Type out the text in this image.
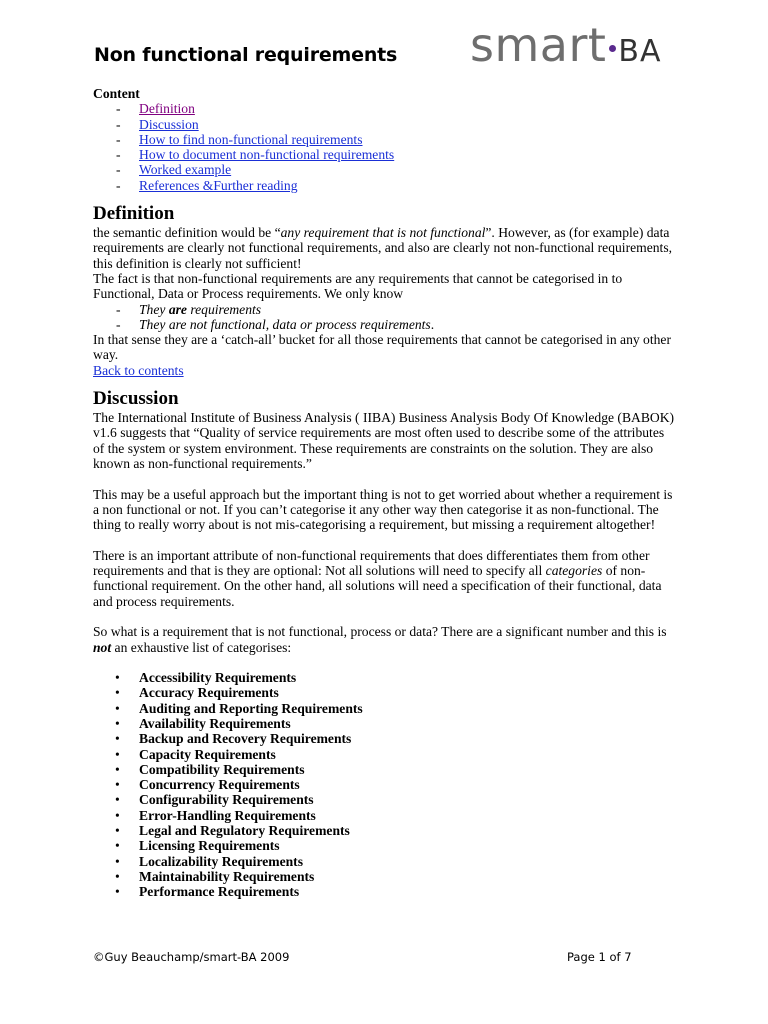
Non functional requirements smart BA

Content

- Definition
- Discussion
- How to find non-functional requirements
- How to document non-functional requirements
- Worked example
- References &Further reading
Definition

the semantic definition would be “any requirement that is not functional”. However, as (for example) data requirements are clearly not functional requirements, and also are clearly not non-functional requirements, this definition is clearly not sufficient!

The fact is that non-functional requirements are any requirements that cannot be categorised in to Functional, Data or Process requirements. We only know

- They are requirements
- They are not functional, data or process requirements.

In that sense they are a ‘catch-all’ bucket for all those requirements that cannot be categorised in any other way.

Back to contents

Discussion

The International Institute of Business Analysis ( IIBA) Business Analysis Body Of Knowledge (BABOK) v1.6 suggests that “Quality of service requirements are most often used to describe some of the attributes of the system or system environment. These requirements are constraints on the solution. They are also known as non-functional requirements.”

This may be a useful approach but the important thing is not to get worried about whether a requirement is a non functional or not. If you can’t categorise it any other way then categorise it as non-functional. The thing to really worry about is not mis-categorising a requirement, but missing a requirement altogether!

There is an important attribute of non-functional requirements that does differentiates them from other requirements and that is they are optional: Not all solutions will need to specify all categories of non-functional requirement. On the other hand, all solutions will need a specification of their functional, data and process requirements.

So what is a requirement that is not functional, process or data? There are a significant number and this is not an exhaustive list of categorises:

• Accessibility Requirements
• Accuracy Requirements
• Auditing and Reporting Requirements
• Availability Requirements
• Backup and Recovery Requirements
• Capacity Requirements
• Compatibility Requirements
• Concurrency Requirements
• Configurability Requirements
• Error-Handling Requirements
• Legal and Regulatory Requirements
• Licensing Requirements
• Localizability Requirements
• Maintainability Requirements
• Performance Requirements
©Guy Beauchamp/smart-BA 2009	Page 1 of 7
